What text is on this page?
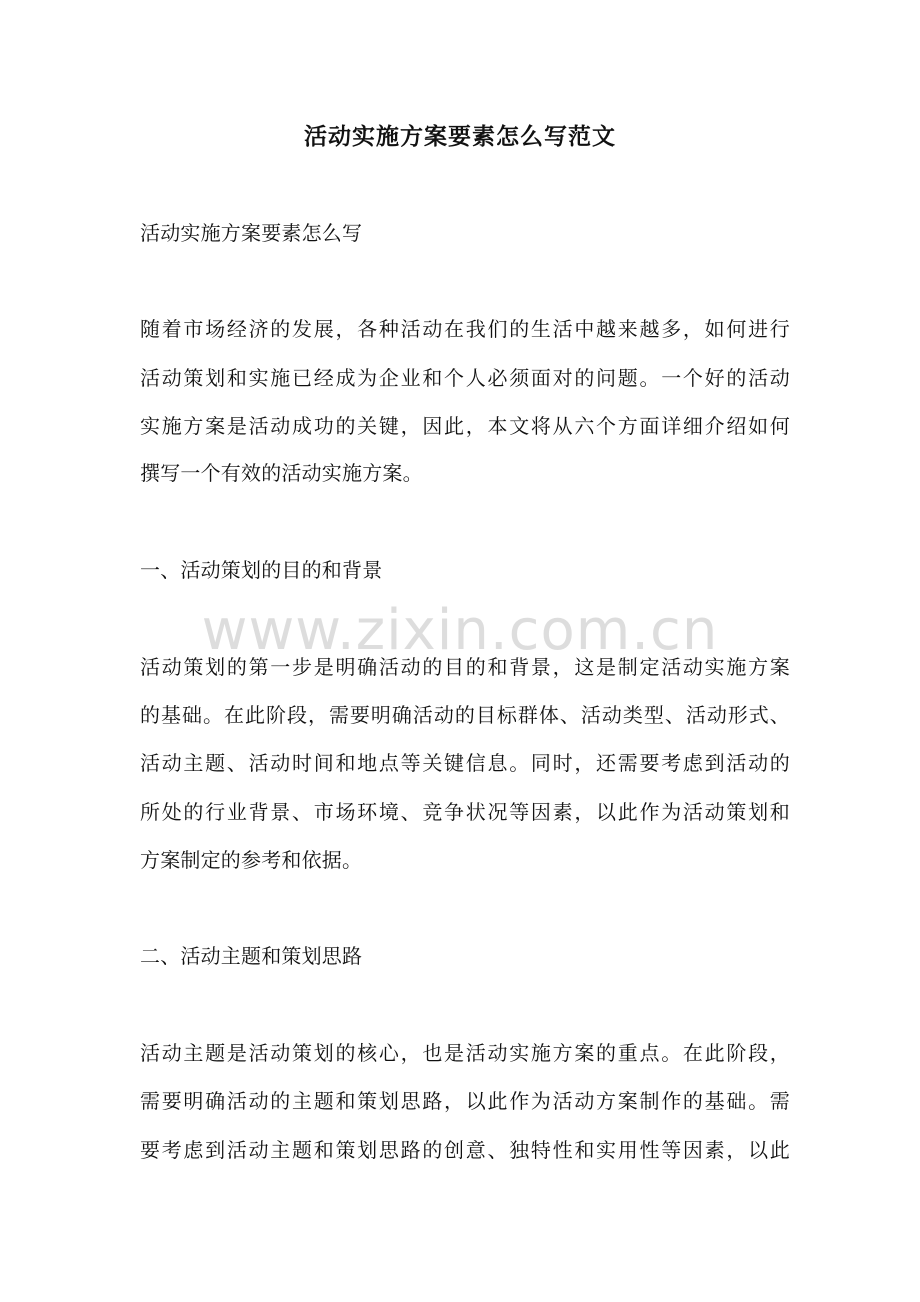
活动实施方案要素怎么写范文

活动实施方案要素怎么写

随着市场经济的发展，各种活动在我们的生活中越来越多，如何进行

活动策划和实施已经成为企业和个人必须面对的问题。一个好的活动

实施方案是活动成功的关键，因此，本文将从六个方面详细介绍如何

撰写一个有效的活动实施方案。

一、活动策划的目的和背景

www.zixin.com.cn

活动策划的第一步是明确活动的目的和背景，这是制定活动实施方案

的基础。在此阶段，需要明确活动的目标群体、活动类型、活动形式、

活动主题、活动时间和地点等关键信息。同时，还需要考虑到活动的

所处的行业背景、市场环境、竞争状况等因素，以此作为活动策划和

方案制定的参考和依据。

二、活动主题和策划思路

活动主题是活动策划的核心，也是活动实施方案的重点。在此阶段，

需要明确活动的主题和策划思路，以此作为活动方案制作的基础。需

要考虑到活动主题和策划思路的创意、独特性和实用性等因素，以此
